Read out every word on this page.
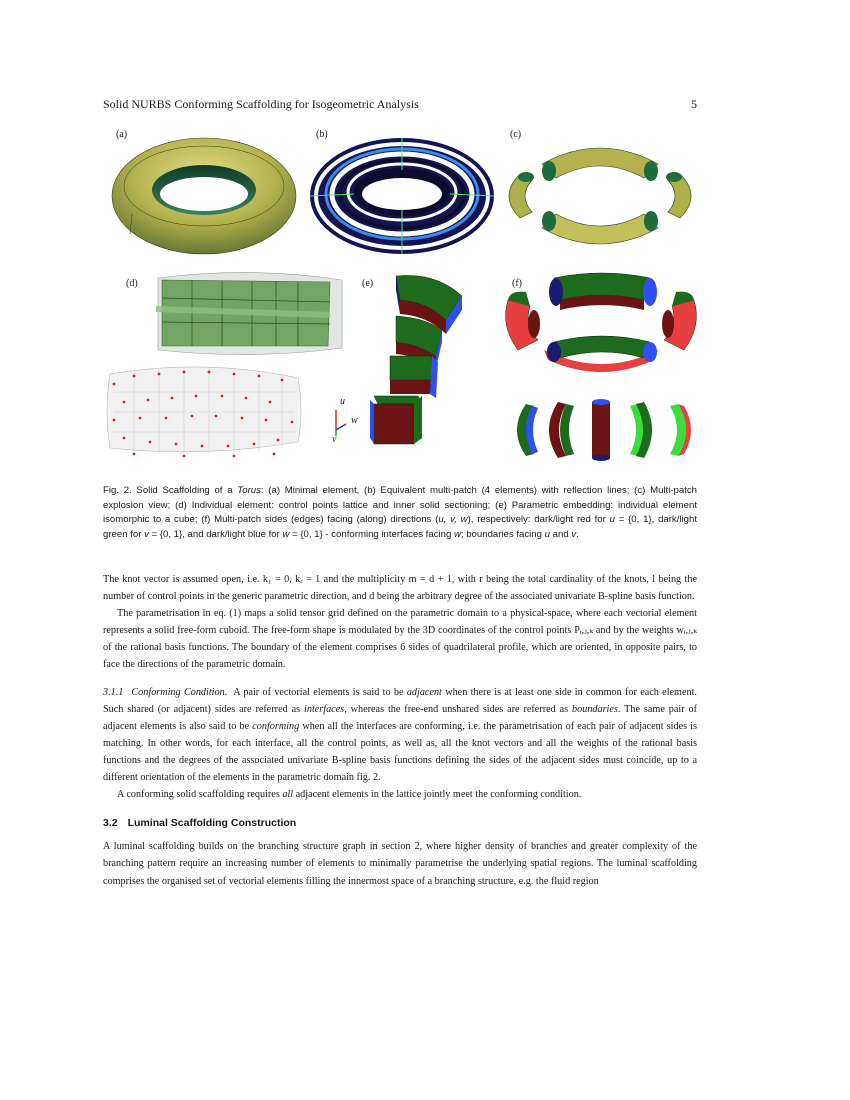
Solid NURBS Conforming Scaffolding for Isogeometric Analysis	5
(a)	(b)	(c)
(d)	(e)	(f)
u
w
v
Fig. 2. Solid Scaffolding of a Torus: (a) Minimal element, (b) Equivalent multi-patch (4 elements) with reflection lines; (c) Multi-patch explosion view; (d) Individual element: control points lattice and inner solid sectioning; (e) Parametric embedding: individual element isomorphic to a cube; (f) Multi-patch sides (edges) facing (along) directions (u, v, w), respectively: dark/light red for u = {0, 1}, dark/light green for v = {0, 1}, and dark/light blue for w = {0, 1} - conforming interfaces facing w; boundaries facing u and v.

The knot vector is assumed open, i.e. k₁ = 0, kᵣ = 1 and the multiplicity m = d + 1, with r being the total cardinality of the knots, l being the number of control points in the generic parametric direction, and d being the arbitrary degree of the associated univariate B-spline basis function.

The parametrisation in eq. (1) maps a solid tensor grid defined on the parametric domain to a physical-space, where each vectorial element represents a solid free-form cuboid. The free-form shape is modulated by the 3D coordinates of the control points Pᵢ,ⱼ,ₖ and by the weights wᵢ,ⱼ,ₖ of the rational basis functions. The boundary of the element comprises 6 sides of quadrilateral profile, which are oriented, in opposite pairs, to face the directions of the parametric domain.

3.1.1 Conforming Condition. A pair of vectorial elements is said to be adjacent when there is at least one side in common for each element. Such shared (or adjacent) sides are referred as interfaces, whereas the free-end unshared sides are referred as boundaries. The same pair of adjacent elements is also said to be conforming when all the interfaces are conforming, i.e. the parametrisation of each pair of adjacent sides is matching. In other words, for each interface, all the control points, as well as, all the knot vectors and all the weights of the rational basis functions and the degrees of the associated univariate B-spline basis functions defining the sides of the adjacent sides must coincide, up to a different orientation of the elements in the parametric domain fig. 2.

A conforming solid scaffolding requires all adjacent elements in the lattice jointly meet the conforming condition.

3.2 Luminal Scaffolding Construction

A luminal scaffolding builds on the branching structure graph in section 2, where higher density of branches and greater complexity of the branching pattern require an increasing number of elements to minimally parametrise the underlying spatial regions. The luminal scaffolding comprises the organised set of vectorial elements filling the innermost space of a branching structure, e.g. the fluid region
